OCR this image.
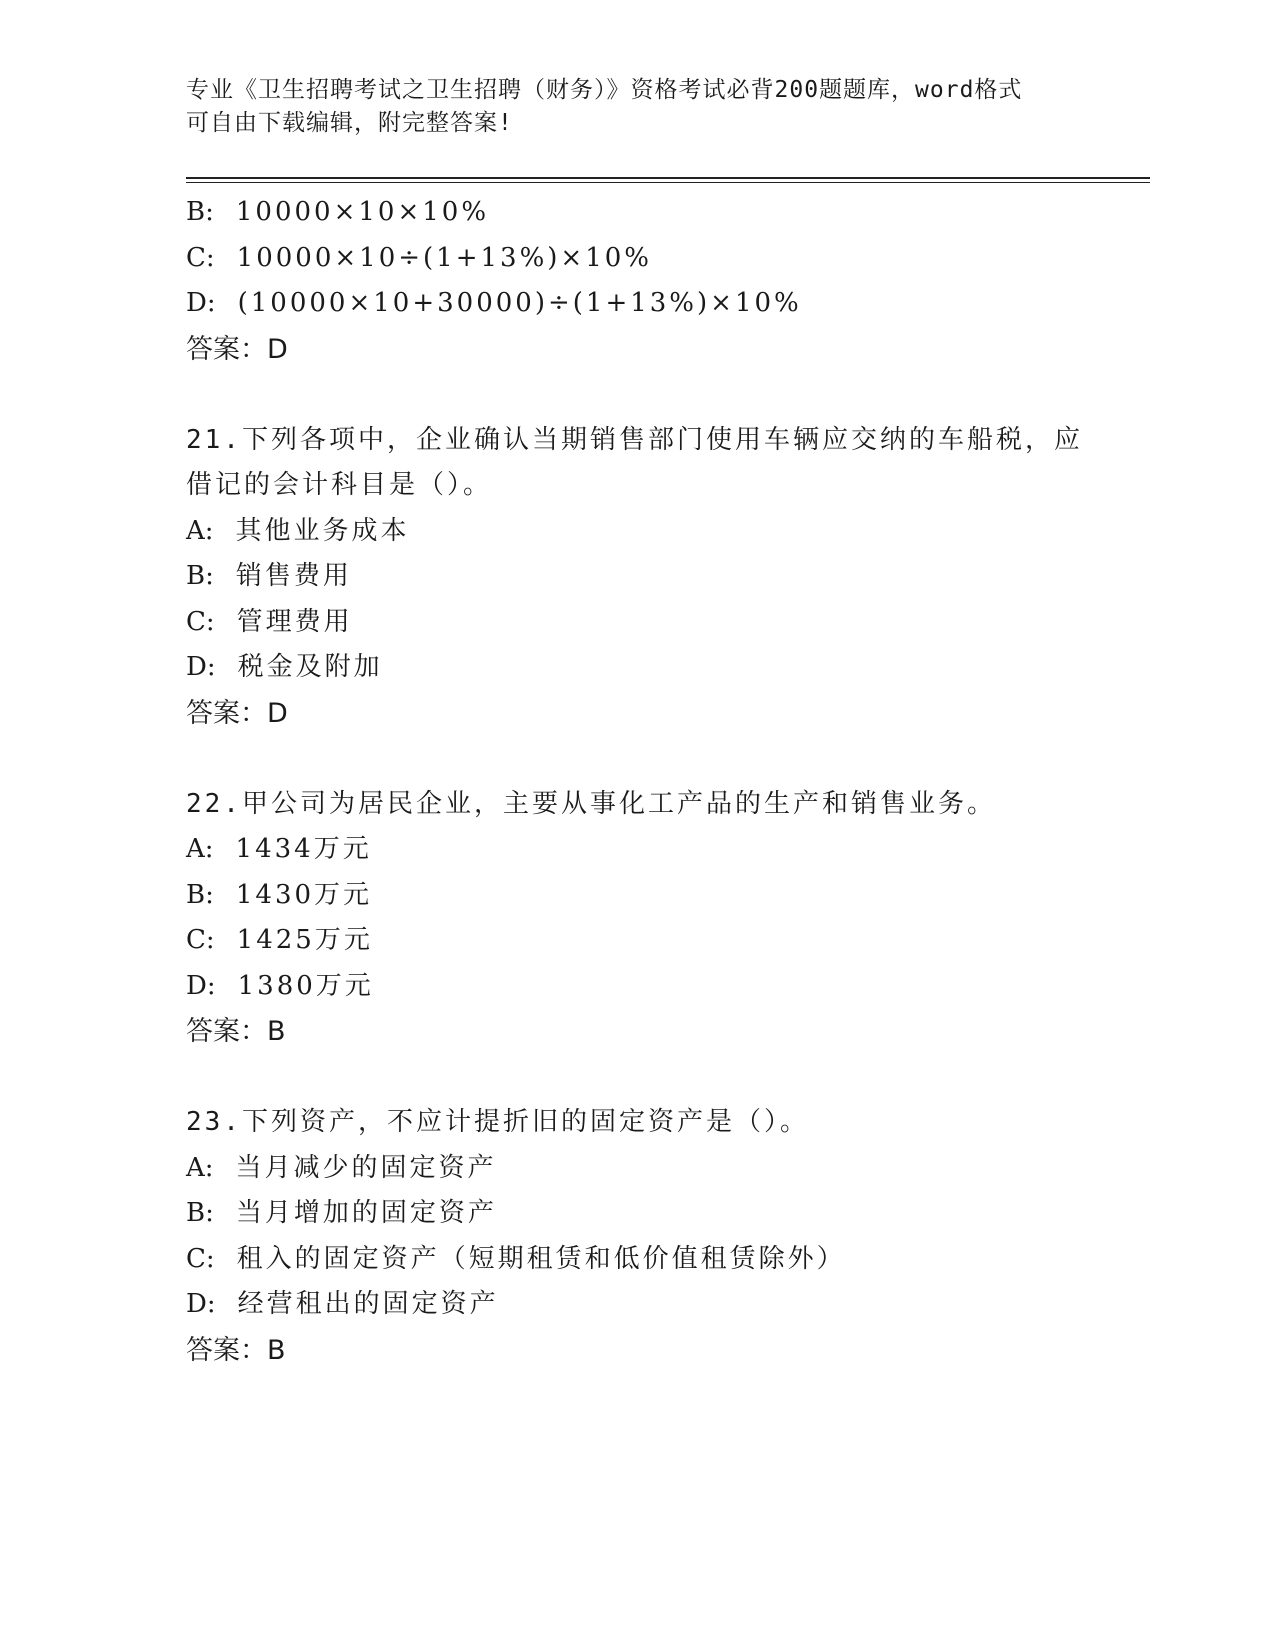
专业《卫生招聘考试之卫生招聘（财务）》资格考试必背200题题库，word格式
可自由下载编辑，附完整答案!
B: 10000×10×10%
C: 10000×10÷(1+13%)×10%
D: (10000×10+30000)÷(1+13%)×10%
答案：D
21.下列各项中，企业确认当期销售部门使用车辆应交纳的车船税，应
借记的会计科目是（）。
A: 其他业务成本
B: 销售费用
C: 管理费用
D: 税金及附加
答案：D
22.甲公司为居民企业，主要从事化工产品的生产和销售业务。
A: 1434万元
B: 1430万元
C: 1425万元
D: 1380万元
答案：B
23.下列资产，不应计提折旧的固定资产是（）。
A: 当月减少的固定资产
B: 当月增加的固定资产
C: 租入的固定资产（短期租赁和低价值租赁除外）
D: 经营租出的固定资产
答案：B
